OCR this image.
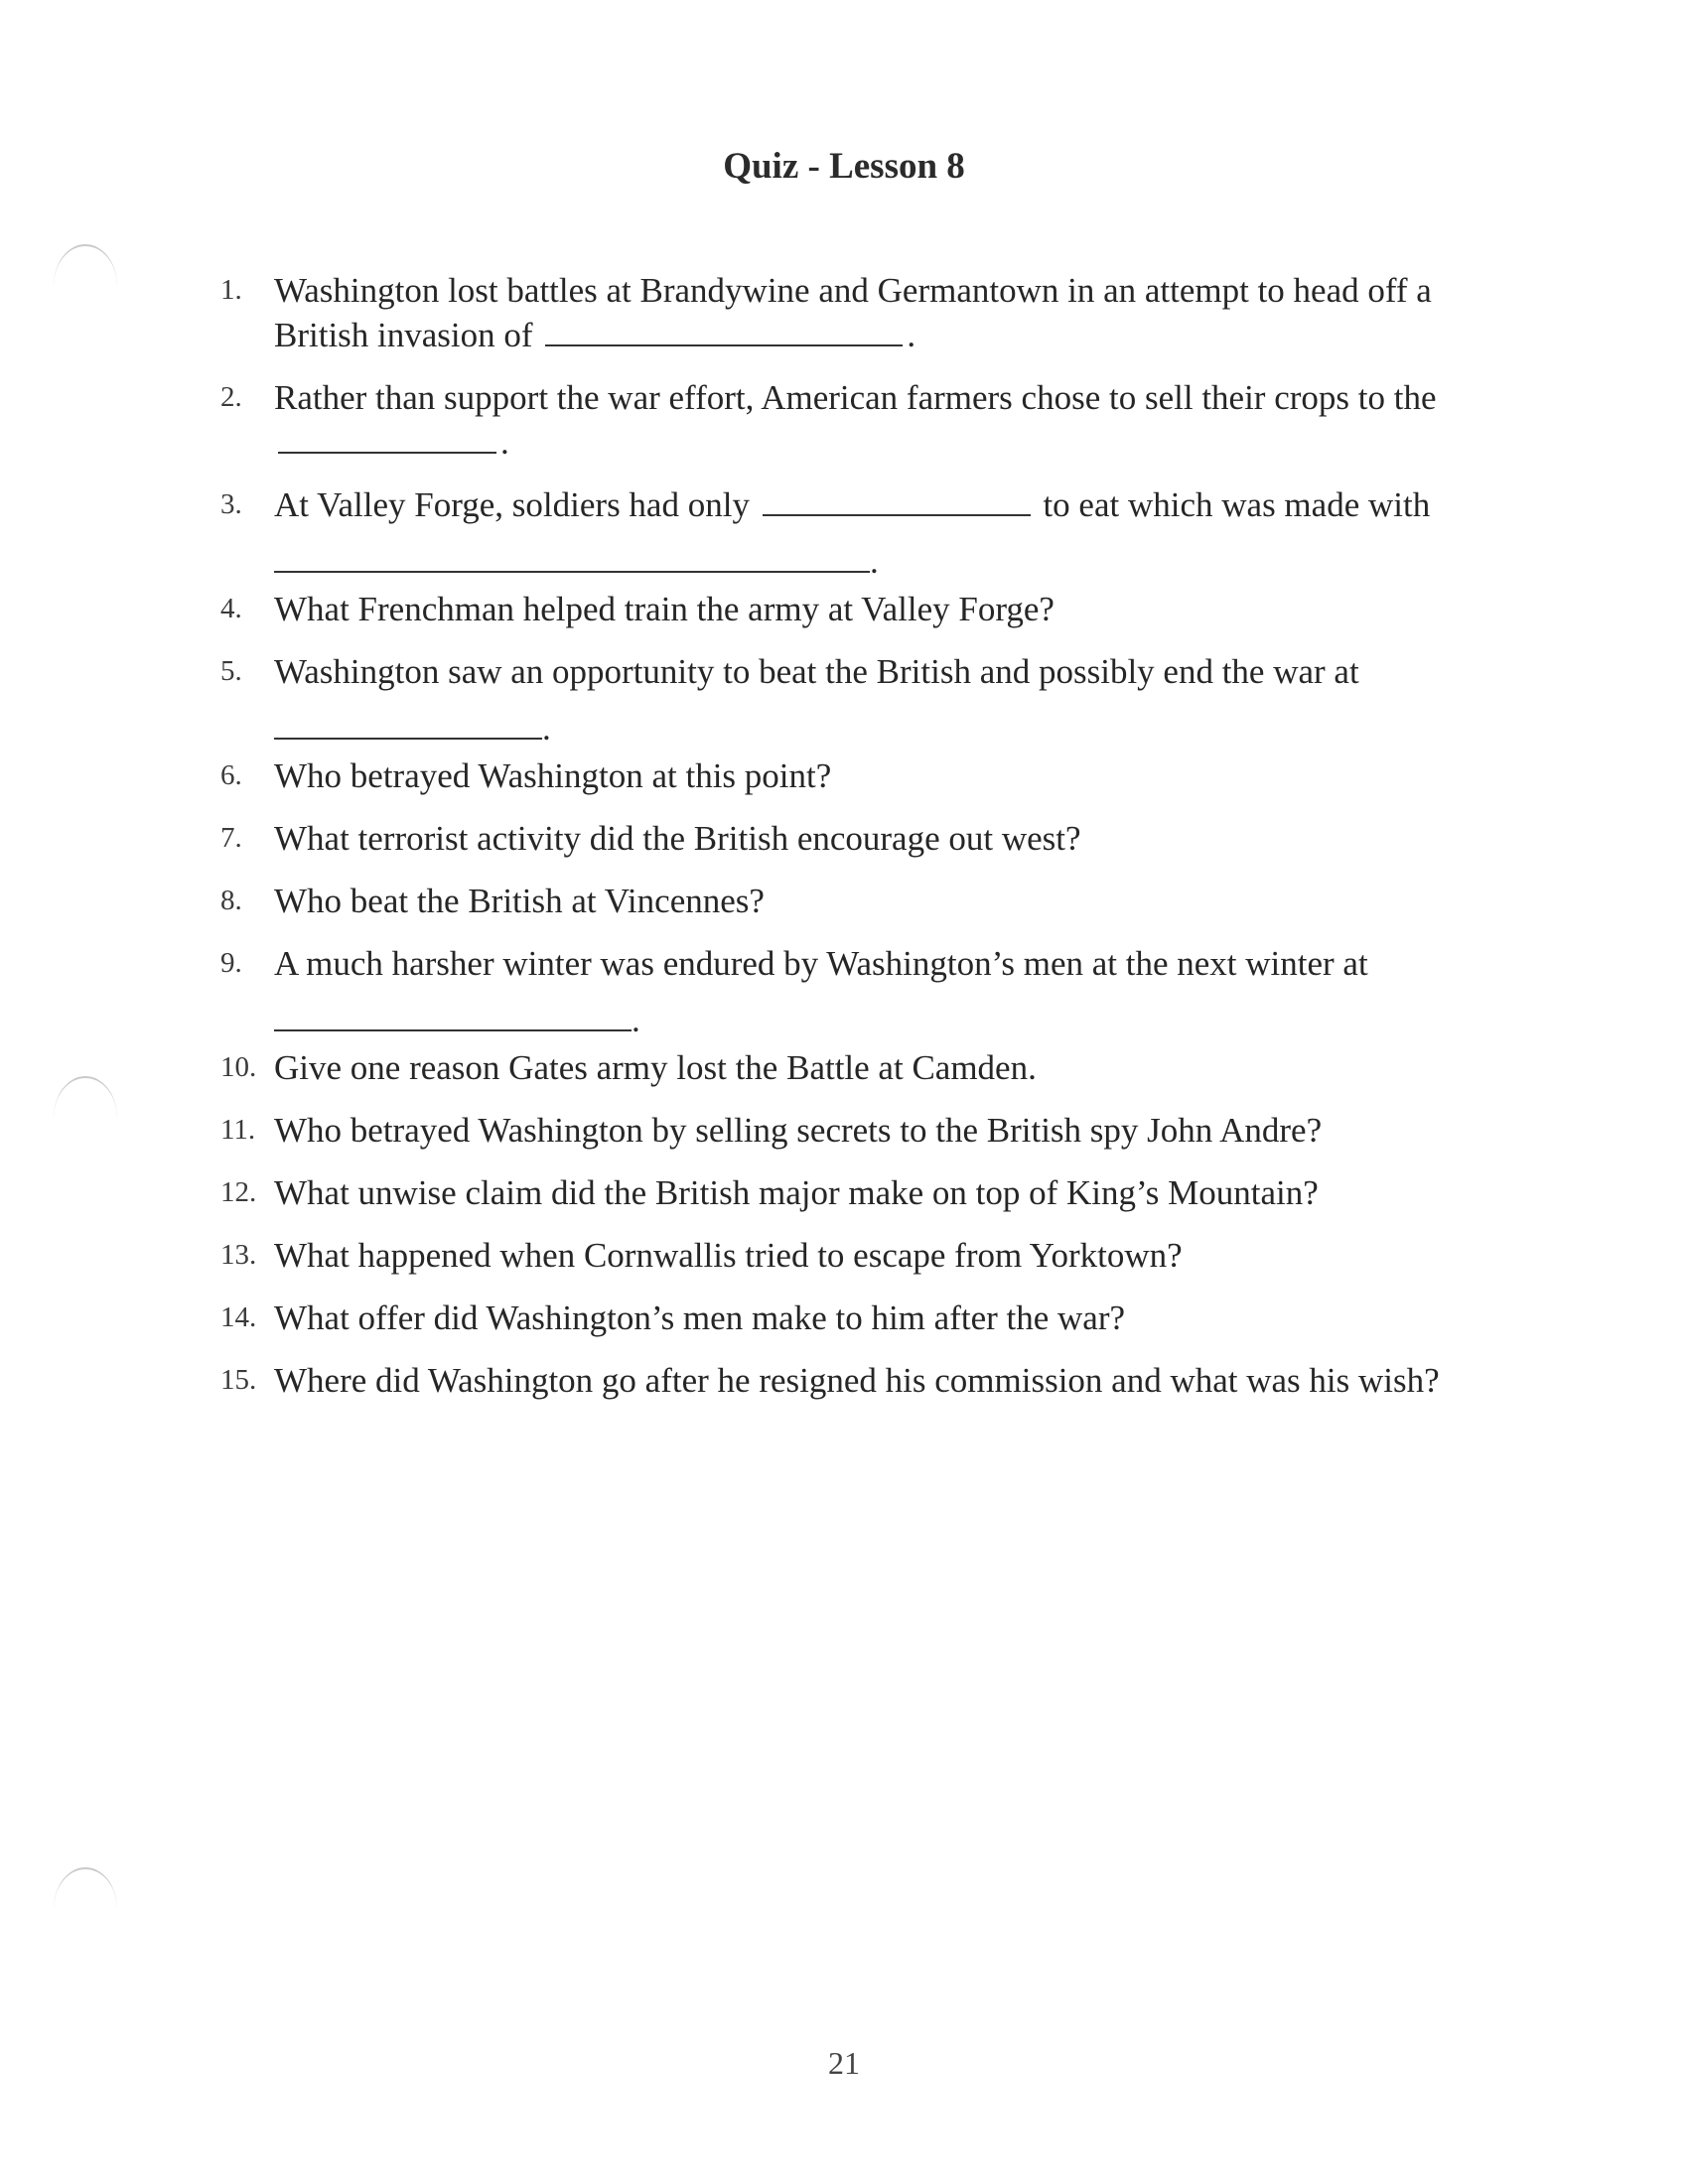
Quiz - Lesson 8
1. Washington lost battles at Brandywine and Germantown in an attempt to head off a British invasion of	.
2. Rather than support the war effort, American farmers chose to sell their crops to the .
3. At Valley Forge, soldiers had only	to eat which was made with
.
4. What Frenchman helped train the army at Valley Forge?
5. Washington saw an opportunity to beat the British and possibly end the war at
.
6. Who betrayed Washington at this point?
7. What terrorist activity did the British encourage out west?
8. Who beat the British at Vincennes?
9. A much harsher winter was endured by Washington’s men at the next winter at
.
10. Give one reason Gates army lost the Battle at Camden.
11. Who betrayed Washington by selling secrets to the British spy John Andre?
12. What unwise claim did the British major make on top of King’s Mountain?
13. What happened when Cornwallis tried to escape from Yorktown?
14. What offer did Washington’s men make to him after the war?
15. Where did Washington go after he resigned his commission and what was his wish?
21
